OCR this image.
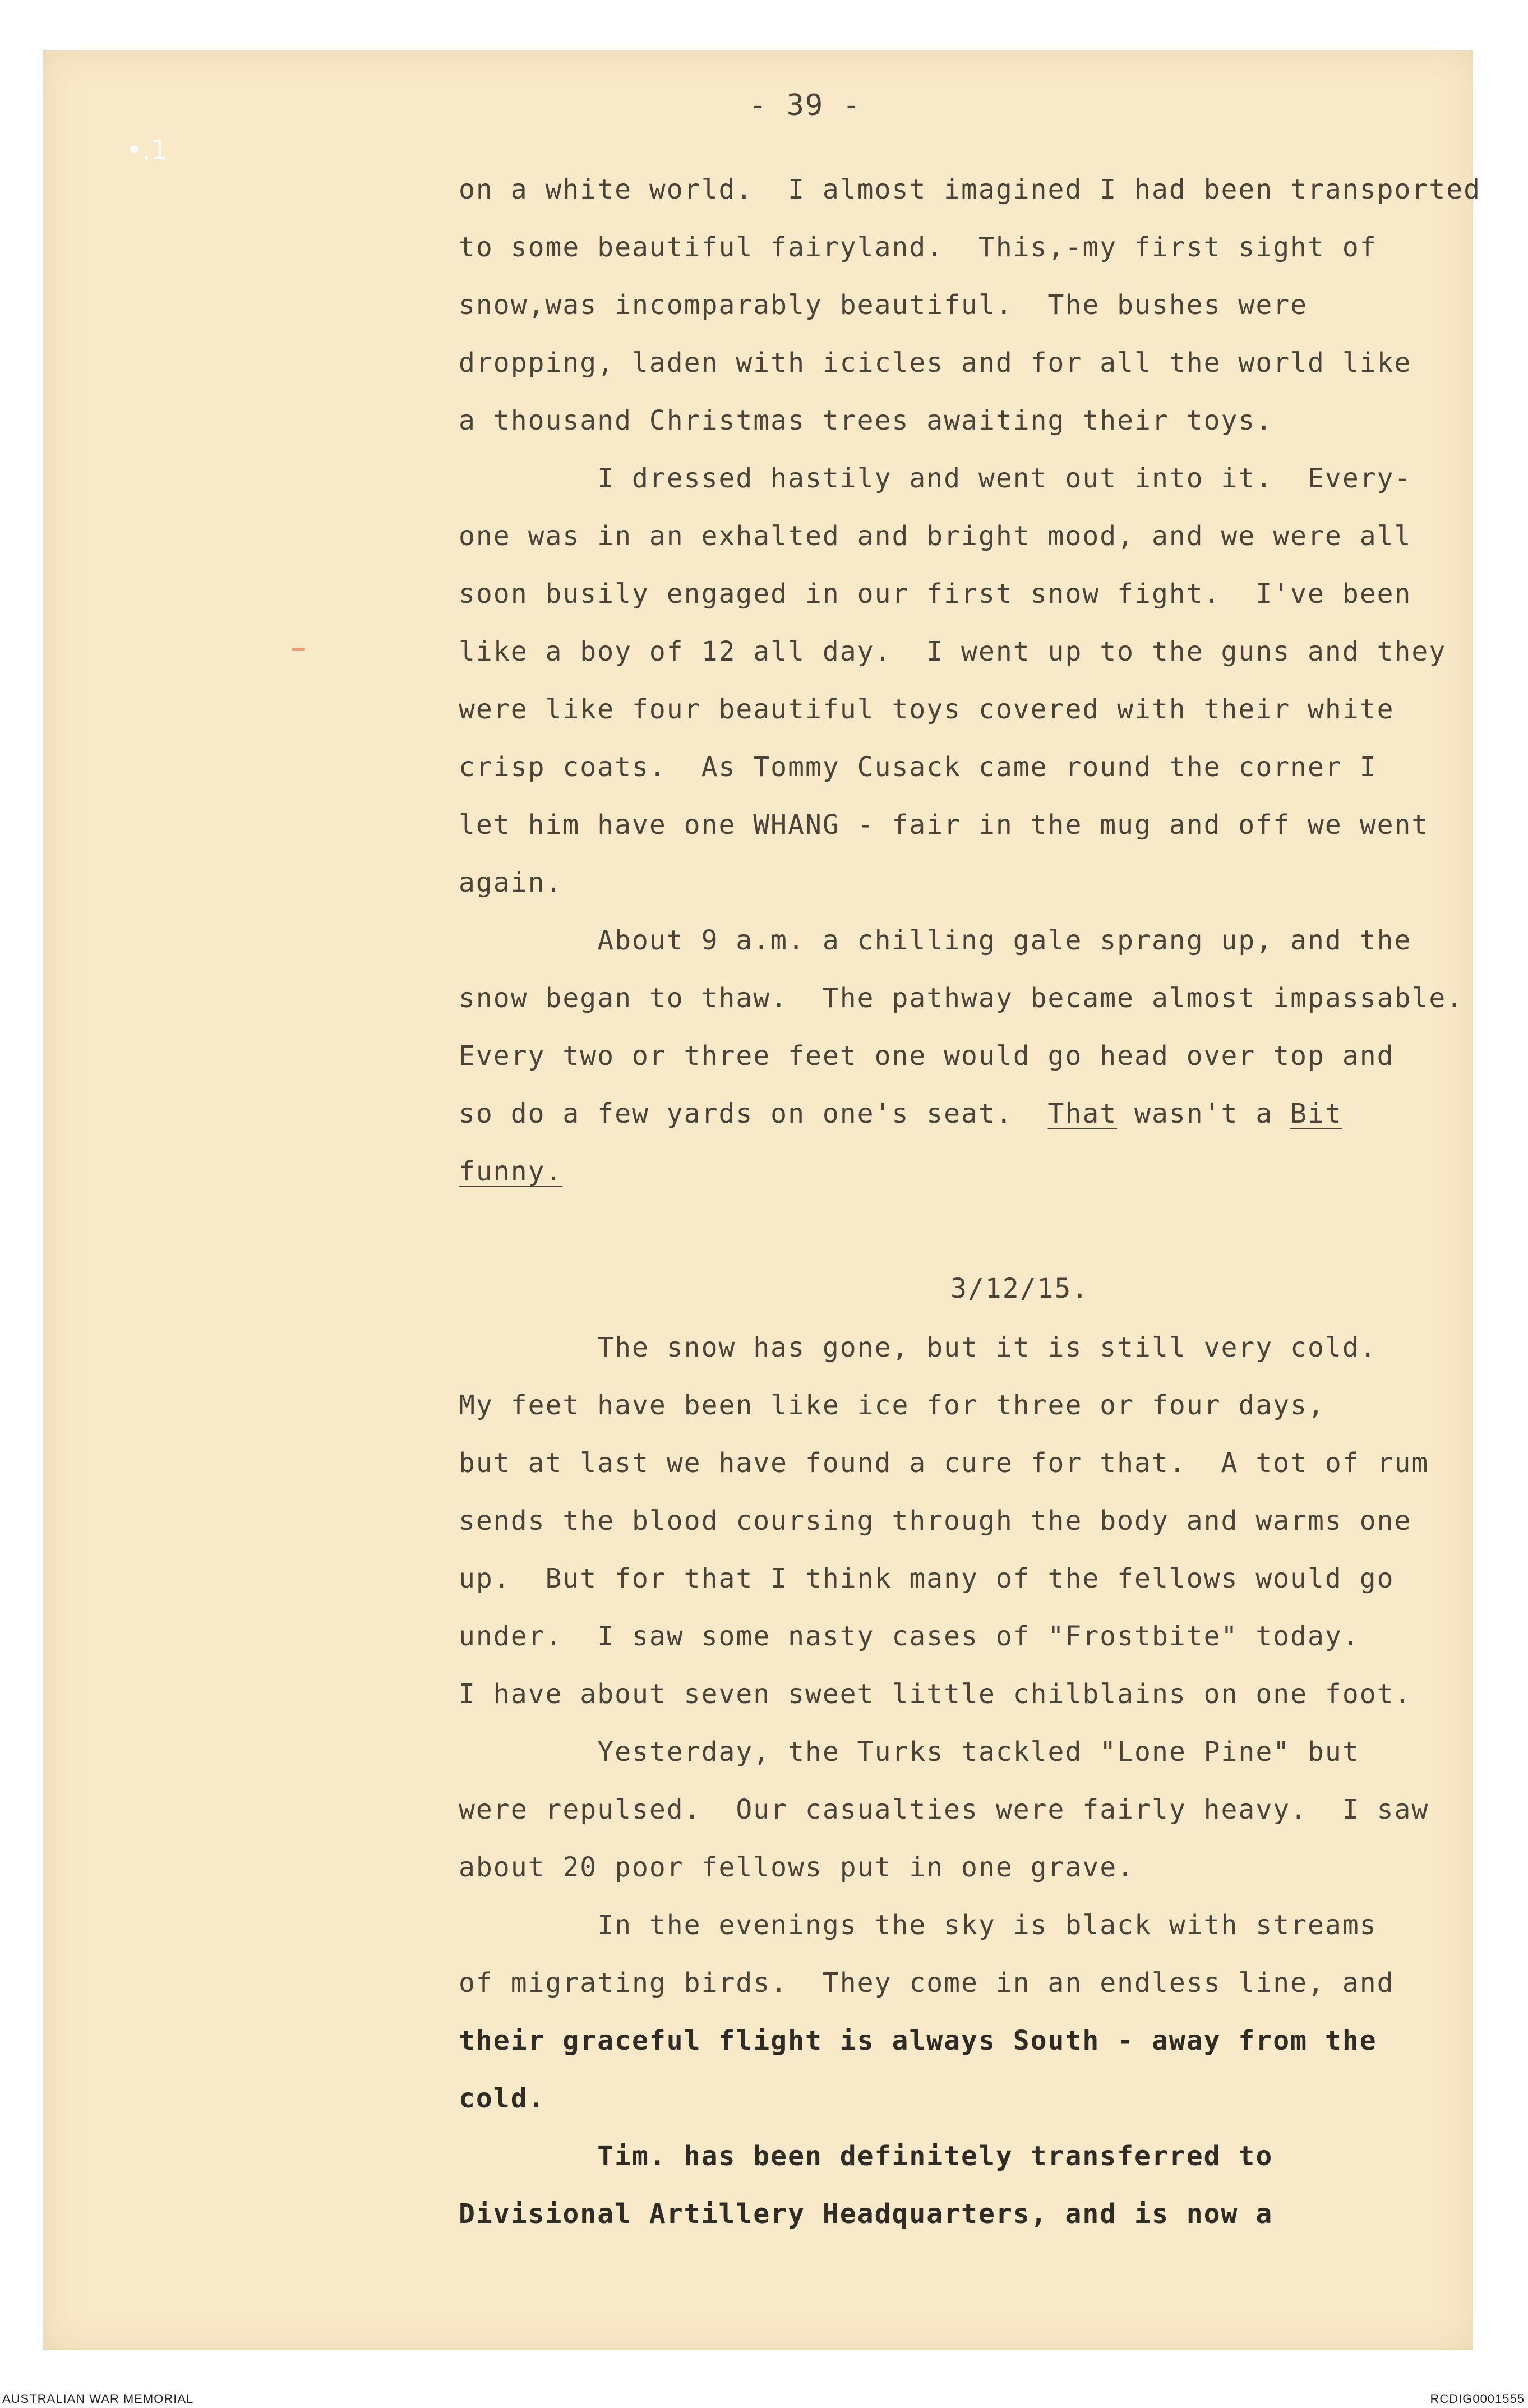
•.1
- 39 -
on a white world.  I almost imagined I had been transported
to some beautiful fairyland.  This,-my first sight of
snow,was incomparably beautiful.  The bushes were
dropping, laden with icicles and for all the world like
a thousand Christmas trees awaiting their toys.
I dressed hastily and went out into it.  Every-
one was in an exhalted and bright mood, and we were all
soon busily engaged in our first snow fight.  I've been
like a boy of 12 all day.  I went up to the guns and they
were like four beautiful toys covered with their white
crisp coats.  As Tommy Cusack came round the corner I
let him have one WHANG - fair in the mug and off we went
again.
About 9 a.m. a chilling gale sprang up, and the
snow began to thaw.  The pathway became almost impassable.
Every two or three feet one would go head over top and
so do a few yards on one's seat.  That wasn't a Bit
funny.
3/12/15.
The snow has gone, but it is still very cold.
My feet have been like ice for three or four days,
but at last we have found a cure for that.  A tot of rum
sends the blood coursing through the body and warms one
up.  But for that I think many of the fellows would go
under.  I saw some nasty cases of "Frostbite" today.
I have about seven sweet little chilblains on one foot.
Yesterday, the Turks tackled "Lone Pine" but
were repulsed.  Our casualties were fairly heavy.  I saw
about 20 poor fellows put in one grave.
In the evenings the sky is black with streams
of migrating birds.  They come in an endless line, and
their graceful flight is always South - away from the
cold.
Tim. has been definitely transferred to
Divisional Artillery Headquarters, and is now a
AUSTRALIAN WAR MEMORIAL	RCDIG0001555
